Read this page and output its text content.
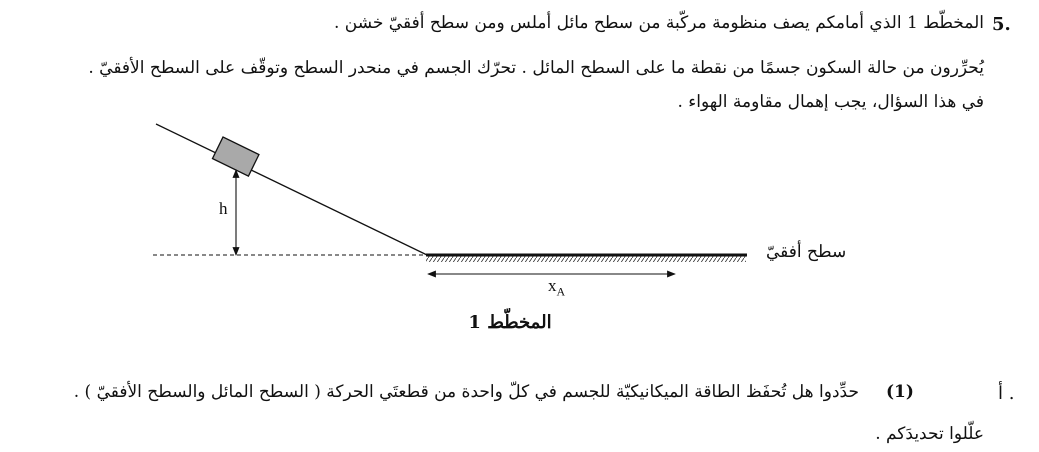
5.
المخطّط 1 الذي أمامكم يصف منظومة مركّبة من سطح مائل أملس ومن سطح أفقيّ خشن .
يُحرِّرون من حالة السكون جسمًا من نقطة ما على السطح المائل . تحرّك الجسم في منحدر السطح وتوقّف على السطح الأفقيّ .
في هذا السؤال، يجب إهمال مقاومة الهواء .
h
$x_A$
سطح أفقيّ
المخطّط 1
أ .
(1)
حدِّدوا هل تُحفَظ الطاقة الميكانيكيّة للجسم في كلّ واحدة من قطعتَي الحركة ( السطح المائل والسطح الأفقيّ ) .
علّلوا تحديدَكم .
